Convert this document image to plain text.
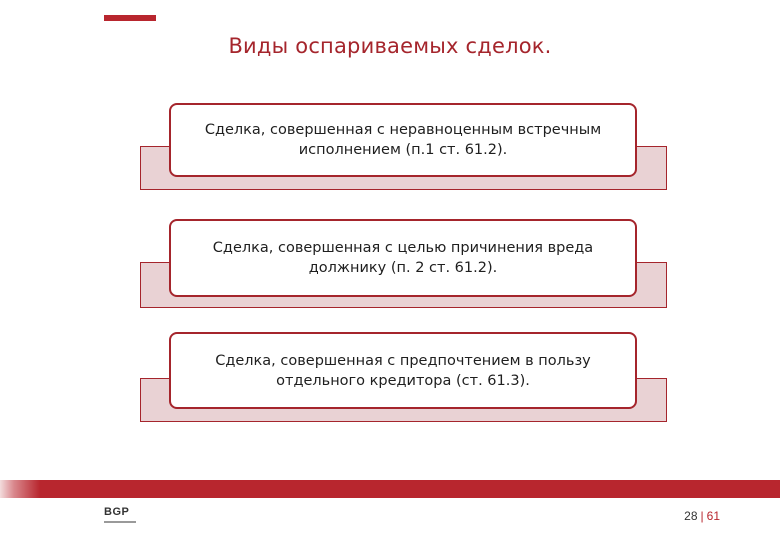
Виды оспариваемых сделок.
Сделка, совершенная с неравноценным встречным
исполнением (п.1 ст. 61.2).
Сделка, совершенная с целью причинения вреда
должнику (п. 2 ст. 61.2).
Сделка, совершенная с предпочтением в пользу
отдельного кредитора (ст. 61.3).
BGP	28 | 61
